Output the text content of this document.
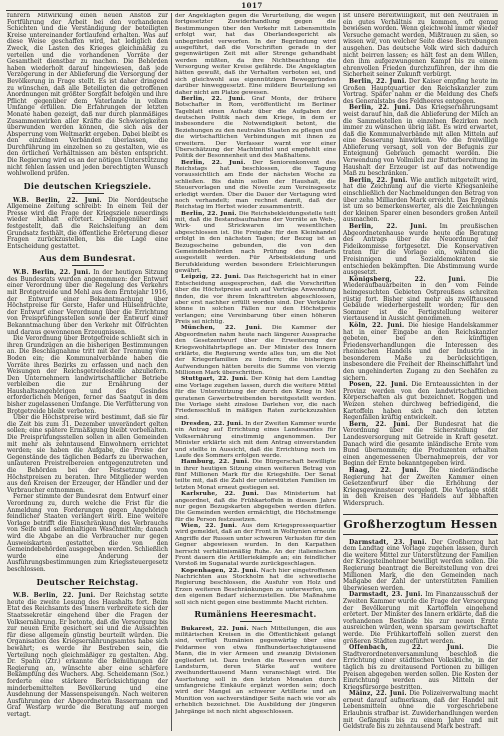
1017

führern Mitwirkung einen neuen Anstoß zur Fortführung der Arbeit bei den vorhandenen Schichten und die Verständigung der beteiligten Kreise untereinander fortlaufend erhalten. Was auf diese Weise geschaffen wird, hat lediglich den Zweck, die Lasten des Krieges gleichmäßig zu verteilen und die vorhandenen Vorräte der Gesamtheit dienstbar zu machen. Die Behörden haben wiederholt darauf hingewiesen, daß jede Verzögerung in der Ablieferung die Versorgung der Bevölkerung in Frage stellt. Es ist daher dringend zu wünschen, daß alle Beteiligten die getroffenen Anordnungen mit größter Sorgfalt befolgen und ihre Pflicht gegenüber dem Vaterlande in vollem Umfange erfüllen. Die Erfahrungen der letzten Monate haben gezeigt, daß nur durch planmäßiges Zusammenwirken aller Kräfte die Schwierigkeiten überwunden werden können, die sich aus der Absperrung vom Weltmarkt ergeben. Dabei bleibt es den einzelnen Verbänden überlassen, die Durchführung im einzelnen so zu gestalten, wie es den örtlichen Verhältnissen am besten entspricht. Die Regierung wird es an der nötigen Unterstützung nicht fehlen lassen und jeden berechtigten Wunsch wohlwollend prüfen.

Die deutschen Kriegsziele.

W.B. Berlin, 22. Juni. Die Norddeutsche Allgemeine Zeitung schreibt: In einem Teil der Presse wird die Frage der Kriegsziele neuerdings wieder lebhaft erörtert. Demgegenüber sei festgestellt, daß die Reichsleitung an dem Grundsatz festhält, die öffentliche Erörterung dieser Fragen zurückzustellen, bis die Lage eine Entscheidung gestattet.

Aus dem Bundesrat.

W.B. Berlin, 22. Juni. In der heutigen Sitzung des Bundesrats wurden angenommen: der Entwurf einer Verordnung über die Regelung des Verkehrs mit Brotgetreide und Mehl aus dem Erntejahr 1916, der Entwurf einer Bekanntmachung über Höchstpreise für Gerste, Hafer und Hülsenfrüchte, der Entwurf einer Verordnung über die Errichtung von Preisprüfungsstellen sowie der Entwurf einer Bekanntmachung über den Verkehr mit Ölfrüchten und daraus gewonnenen Erzeugnissen.

Die Verordnung über Brotgetreide schließt sich in ihren Grundzügen an die bisherigen Bestimmungen an. Die Beschlagnahme tritt mit der Trennung vom Boden ein; die Kommunalverbände haben die Vorräte ihres Bezirks zu erfassen und nach den Weisungen der Reichsgetreidestelle abzuliefern. Den Unternehmern landwirtschaftlicher Betriebe verbleiben die zur Ernährung der Haushaltsangehörigen und des Gesindes erforderlichen Mengen, ferner das Saatgut in dem bisher zugelassenen Umfange. Die Verfütterung von Brotgetreide bleibt verboten.

Über die Höchstpreise wird bestimmt, daß sie für die Zeit bis zum 31. Dezember unverändert gelten sollen; eine spätere Ermäßigung bleibt vorbehalten. Die Preisprüfungsstellen sollen in allen Gemeinden mit mehr als zehntausend Einwohnern errichtet werden; sie haben die Aufgabe, die Preise der Gegenstände des täglichen Bedarfs zu überwachen, unlauteren Preistreibereien entgegenzutreten und die Behörden bei der Festsetzung von Höchstpreisen zu beraten. Ihre Mitglieder werden aus den Kreisen der Erzeuger, der Händler und der Verbraucher entnommen.

Ferner stimmte der Bundesrat dem Entwurf einer Verordnung zu, durch welche die Frist für die Anmeldung von Forderungen gegen Angehörige feindlicher Staaten verlängert wird. Eine weitere Vorlage betrifft die Einschränkung des Verbrauchs von Seife und seifenhaltigen Waschmitteln; danach wird die Abgabe an die Verbraucher nur gegen Ausweiskarten gestattet, die von den Gemeindebehörden ausgegeben werden. Schließlich wurde eine Änderung der Ausführungsbestimmungen zum Kriegssteuergesetz beschlossen.

Deutscher Reichstag.

W.B. Berlin, 22. Juni. Der Reichstag setzte heute die zweite Lesung des Haushalts fort. Beim Etat des Reichsamts des Innern verbreitete sich der Staatssekretär eingehend über die Fragen der Volksernährung. Er betonte, daß die Versorgung bis zur neuen Ernte gesichert sei und die Aussichten für diese allgemein günstig beurteilt würden. Die Organisation des Kriegsernährungsamtes habe sich bewährt; es werde ihr Bestreben sein, die Verteilung noch gleichmäßiger zu gestalten. Abg. Dr. Spahn (Ztr.) erkannte die Bemühungen der Regierung an, wünschte aber eine schärfere Bekämpfung des Wuchers. Abg. Scheidemann (Soz.) forderte eine stärkere Berücksichtigung der minderbemittelten Bevölkerung und eine Ausdehnung der Massenspeisungen. Nach weiteren Ausführungen der Abgeordneten Bassermann und Graf Westarp wurde die Beratung auf morgen vertagt.

der Angeklagten gegen die Verurteilung, die wegen fortgesetzter Zuwiderhandlung gegen die Bestimmungen über den Verkehr mit Lebensmitteln erfolgt war, hat das Oberlandesgericht als unbegründet verworfen. In der Begründung wird ausgeführt, daß die Vorschriften gerade in der gegenwärtigen Zeit mit aller Strenge gehandhabt werden müßten, da ihre Nichtbeachtung die Versorgung weiter Kreise gefährde. Die Angeklagten hätten gewußt, daß ihr Verhalten verboten sei, und sich gleichwohl aus eigennützigen Beweggründen darüber hinweggesetzt. Eine mildere Beurteilung sei daher nicht am Platze gewesen.

Berlin, 22. Juni. Graf Monts, der frühere Botschafter in Rom, veröffentlicht im Berliner Tageblatt einen Aufsatz über die Aufgaben der deutschen Politik nach dem Kriege, in dem er insbesondere die Notwendigkeit betont, die Beziehungen zu den neutralen Staaten zu pflegen und die wirtschaftlichen Verbindungen mit ihnen zu erweitern. Der Verfasser warnt vor einer Überschätzung der Machtmittel und empfiehlt eine Politik der Besonnenheit und des Maßhaltens.

Berlin, 22. Juni. Der Seniorenkonvent des Reichstags hat beschlossen, die Tagung voraussichtlich am Ende der nächsten Woche zu schließen. Bis dahin sollen der Haushalt, die Steuervorlagen und die Novelle zum Vereinsgesetz erledigt werden. Über die Dauer der Vertagung wird noch verhandelt; man rechnet damit, daß der Reichstag im Herbst wieder zusammentritt.

Berlin, 22. Juni. Die Reichsbekleidungsstelle teilt mit, daß die Bestandsaufnahme der Vorräte an Web-, Wirk- und Strickwaren im wesentlichen abgeschlossen ist. Die Freigabe für den Kleinhandel erfolgt in den nächsten Tagen; der Bezug ist an Bezugsscheine gebunden, die von den Gemeindebehörden nach Prüfung des Bedarfs ausgestellt werden. Für Arbeitskleidung und Berufskleidung werden besondere Erleichterungen gewährt.

Leipzig, 22. Juni. Das Reichsgericht hat in einer Entscheidung ausgesprochen, daß die Vorschriften über die Höchstpreise auch auf Verträge Anwendung finden, die vor ihrem Inkrafttreten abgeschlossen, aber erst nachher erfüllt worden sind. Der Verkäufer könne in solchen Fällen nur den Höchstpreis verlangen; eine Vereinbarung über einen höheren Preis sei nichtig.

München, 22. Juni. Die Kammer der Abgeordneten nahm heute nach längerer Aussprache den Gesetzentwurf über die Erweiterung der Kriegswohlfahrtspflege an. Der Minister des Innern erklärte, die Regierung werde alles tun, um die Not der Kriegerfamilien zu lindern; die bisherigen Aufwendungen hätten bereits die Summe von vierzig Millionen Mark überschritten.

Stuttgart, 22. Juni. Der König hat dem Landtag eine Vorlage zugehen lassen, durch die weitere Mittel für die Unterstützung der durch den Krieg in Not geratenen Gewerbetreibenden bereitgestellt werden. Die Vorlage sieht zinslose Darlehen vor, die nach Friedensschluß in mäßigen Raten zurückzuzahlen sind.

Dresden, 22. Juni. In der Zweiten Kammer wurde ein Antrag auf Errichtung eines Landesamtes für Volksernährung einstimmig angenommen. Der Minister erklärte sich mit dem Antrag einverstanden und stellte in Aussicht, daß die Errichtung noch im Laufe des Sommers erfolgen werde.

Hamburg, 22. Juni. Die Bürgerschaft bewilligte in ihrer heutigen Sitzung einen weiteren Betrag von fünf Millionen Mark für die Kriegshilfe. Der Senat teilte mit, daß die Zahl der unterstützten Familien im letzten Monat erneut gestiegen sei.

Karlsruhe, 22. Juni. Das Ministerium hat angeordnet, daß die Frühkartoffeln in diesem Jahre nur gegen Bezugskarten abgegeben werden dürfen. Die Gemeinden werden ermächtigt, die Höchstmenge für die Person festzusetzen.

Wien, 22. Juni. Aus dem Kriegspressequartier wird gemeldet, daß an der Front in Wolhynien erneute Angriffe der Russen unter schweren Verlusten für den Gegner abgewiesen wurden. In den Karpathen herrscht verhältnismäßig Ruhe. An der italienischen Front dauern die Artilleriekämpfe an; ein feindlicher Vorstoß im Suganatal wurde zurückgeschlagen.

Kopenhagen, 22. Juni. Nach hier eingetroffenen Nachrichten aus Stockholm hat die schwedische Regierung beschlossen, die Ausfuhr von Holz und Erzen weiteren Beschränkungen zu unterwerfen, um den eigenen Bedarf sicherzustellen. Die Maßnahme soll sich nicht gegen eine bestimmte Macht richten.

Rumäniens Heeresmacht.

Bukarest, 22. Juni. Nach Mitteilungen, die aus militärischen Kreisen in die Öffentlichkeit gelangt sind, verfügt Rumänien gegenwärtig über eine Feldarmee von etwa fünfhundertsechzigtausend Mann, die in vier Armeen und zwanzig Divisionen gegliedert ist. Dazu treten die Reserven und der Landsturm, deren Stärke auf weitere zweihunderttausend Mann veranschlagt wird. Die Ausrüstung soll in den letzten Monaten durch umfangreiche Einkäufe ergänzt worden sein; doch wird der Mangel an schwerer Artillerie und an Munition von sachverständiger Seite nach wie vor als erheblich bezeichnet. Die Ausbildung der jüngeren Jahrgänge ist noch nicht abgeschlossen.

ist unsere Bereitwilligkeit, mit den Neutralen in ein gutes Verhältnis zu kommen, oft genug bewiesen worden. Wenn gleichwohl immer wieder Versuche gemacht werden, Mißtrauen zu säen, so wissen wir, von welcher Seite diese Bestrebungen ausgehen. Das deutsche Volk wird sich dadurch nicht beirren lassen; es hält fest an dem Willen, den ihm aufgezwungenen Kampf bis zu einem ehrenvollen Frieden durchzuführen, der ihm die Sicherheit seiner Zukunft verbürgt.

Berlin, 22. Juni. Der Kaiser empfing heute im Großen Hauptquartier den Reichskanzler zum Vortrag. Später nahm er die Meldung des Chefs des Generalstabs des Feldheeres entgegen.

Berlin, 22. Juni. Das Kriegsernährungsamt weist darauf hin, daß die Ablieferung der Milch an die Sammelstellen in einzelnen Bezirken noch immer zu wünschen übrig läßt. Es wird erwartet, daß die Kommunalverbände mit allen Mitteln auf eine Besserung hinwirken. Wo die freiwillige Ablieferung versagt, soll von der Befugnis zur Enteignung Gebrauch gemacht werden. Die Verwendung von Vollmilch zur Butterbereitung im Haushalt der Erzeuger ist auf das notwendige Maß zu beschränken.

Berlin, 22. Juni. Wie amtlich mitgeteilt wird, hat die Zeichnung auf die vierte Kriegsanleihe einschließlich der Nachmeldungen den Betrag von über zehn Milliarden Mark erreicht. Das Ergebnis ist um so bemerkenswerter, als die Zeichnungen der kleinen Sparer einen besonders großen Anteil ausmachen.

Berlin, 22. Juni. Im preußischen Abgeordnetenhause wurde heute die Beratung des Antrags über die Neuordnung der Fideikommisse fortgesetzt. Die Konservativen traten für die Vorlage ein, während die Freisinnigen und Sozialdemokraten sie entschieden bekämpften. Die Abstimmung wurde ausgesetzt.

Königsberg, 22. Juni.	Die Wiederaufbauarbeiten in den vom Feinde heimgesuchten Gebieten Ostpreußens schreiten rüstig fort. Bisher sind mehr als zwölftausend Gebäude wiederhergestellt worden; für den Sommer ist die Fertigstellung weiterer viertausend in Aussicht genommen.

Köln, 22. Juni. Die hiesige Handelskammer hat in einer Eingabe an den Reichskanzler gebeten, bei den künftigen Friedensverhandlungen die Interessen des rheinischen Handels und der Industrie in besonderem Maße zu berücksichtigen, insbesondere die Freiheit der Rheinschiffahrt und den ungehinderten Zugang zu den Seehäfen zu sichern.

Posen, 22. Juni. Die Ernteaussichten in der Provinz werden von den landwirtschaftlichen Körperschaften als gut bezeichnet. Roggen und Weizen stehen durchweg befriedigend, die Kartoffeln haben sich nach den letzten Regenfällen kräftig entwickelt.

Bern, 22. Juni. Der Bundesrat hat die Verordnung über die Sicherstellung der Landesversorgung mit Getreide in Kraft gesetzt. Danach wird die gesamte inländische Ernte vom Bund übernommen; die Produzenten erhalten einen angemessenen Übernahmepreis, der vor Beginn der Ernte bekanntgegeben wird.

Haag, 22. Juni. Die niederländische Regierung hat der Zweiten Kammer einen Gesetzentwurf über die Erhöhung der Kriegsgewinnsteuer vorgelegt. Die Vorlage stößt in den Kreisen des Handels auf lebhaften Widerspruch.

Großherzogtum Hessen

Darmstadt, 23. Juni. Der Großherzog hat dem Landtag eine Vorlage zugehen lassen, durch die weitere Mittel zur Unterstützung der Familien der Kriegsteilnehmer bewilligt werden sollen. Die Regierung beantragt die Bereitstellung von drei Millionen Mark, die den Gemeinden nach Maßgabe der Zahl der unterstützten Familien überwiesen werden.

Darmstadt, 23. Juni. Im Finanzausschuß der Zweiten Kammer wurde die Frage der Versorgung der Bevölkerung mit Kartoffeln eingehend erörtert. Der Minister des Innern erklärte, daß die vorhandenen Bestände bis zur neuen Ernte ausreichen würden, wenn sparsam gewirtschaftet werde. Die Frühkartoffeln sollen zuerst den größeren Städten zugeführt werden.

Offenbach, 22. Juni.	Die Stadtverordnetenversammlung beschloß die Errichtung einer städtischen Volksküche, in der täglich bis zu dreitausend Portionen zu billigen Preisen abgegeben werden sollen. Die Kosten der Einrichtung werden aus Mitteln der Kriegsfürsorge bestritten.

Mainz, 22. Juni. Die Polizeiverwaltung macht erneut darauf aufmerksam, daß der Handel mit Lebensmitteln ohne die vorgeschriebene Erlaubnis strafbar ist. Zuwiderhandlungen werden mit Gefängnis bis zu einem Jahre und mit Geldstrafe bis zu zehntausend Mark bestraft.
